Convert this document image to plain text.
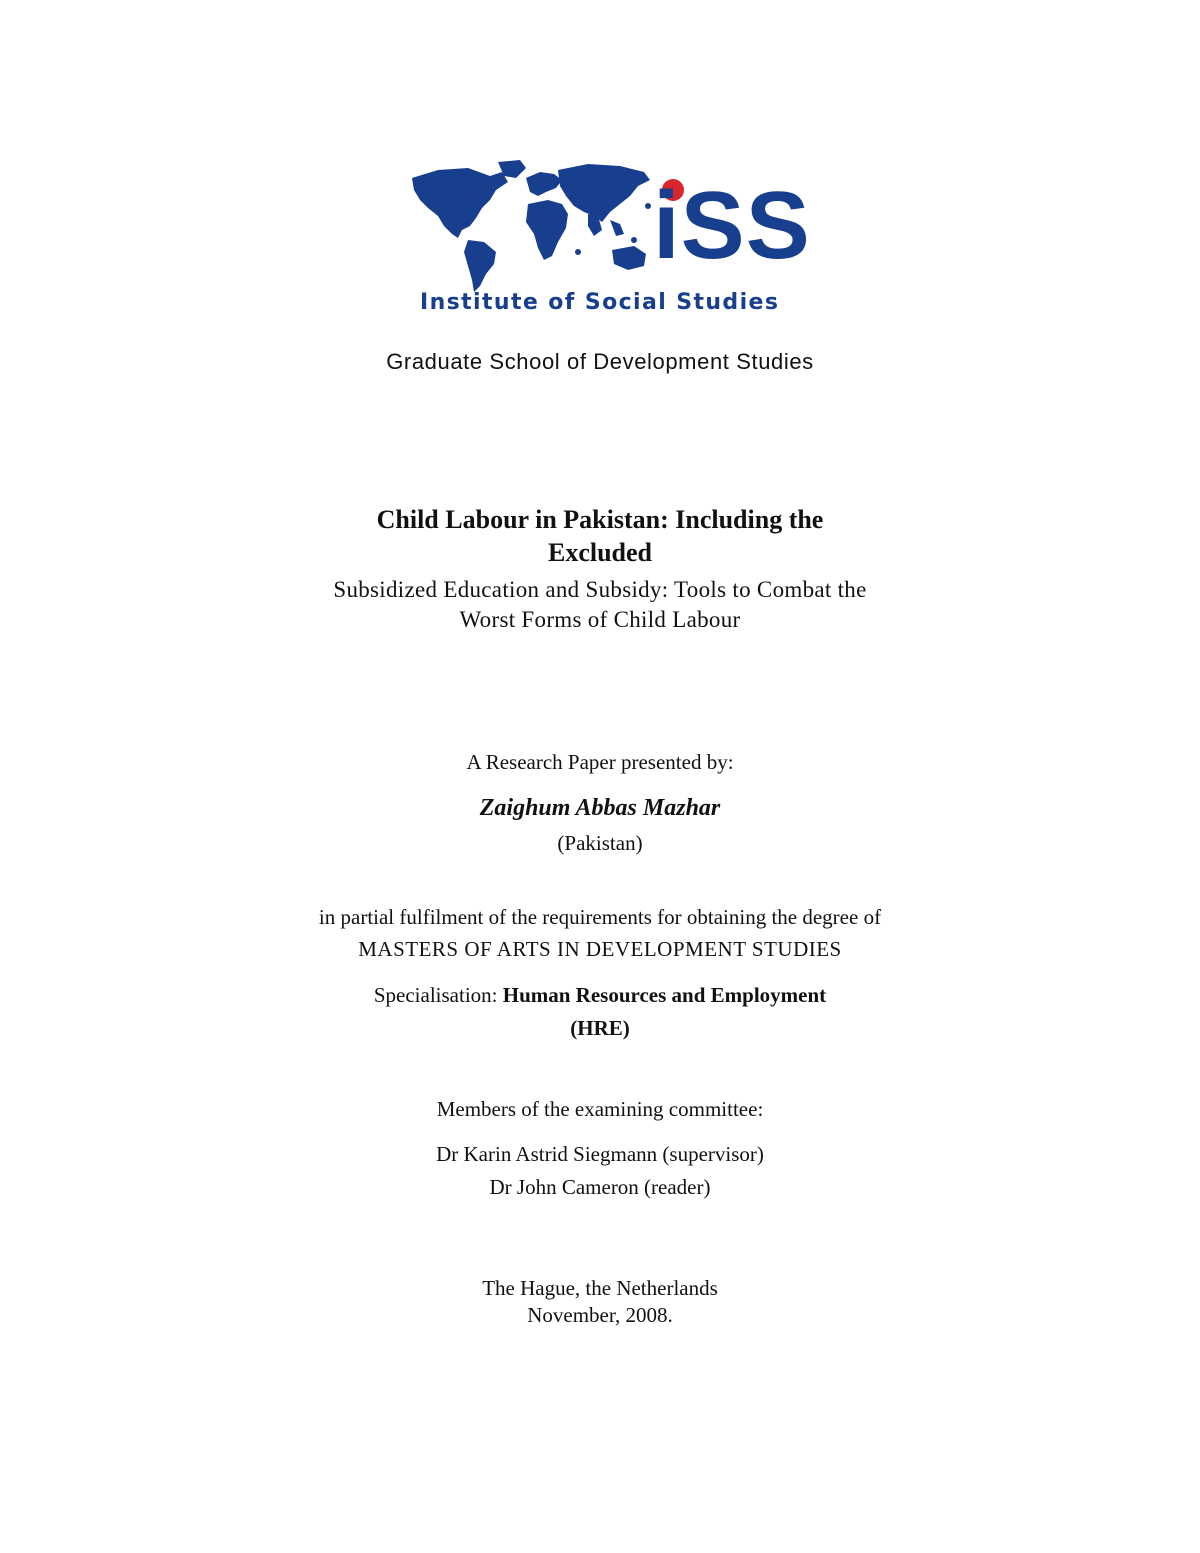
iSS
Institute of Social Studies
Graduate School of Development Studies
Child Labour in Pakistan: Including the
Excluded
Subsidized Education and Subsidy: Tools to Combat the
Worst Forms of Child Labour
A Research Paper presented by:
Zaighum Abbas Mazhar
(Pakistan)
in partial fulfilment of the requirements for obtaining the degree of
MASTERS OF ARTS IN DEVELOPMENT STUDIES
Specialisation: Human Resources and Employment
(HRE)
Members of the examining committee:
Dr Karin Astrid Siegmann (supervisor)
Dr John Cameron (reader)
The Hague, the Netherlands
November, 2008.
